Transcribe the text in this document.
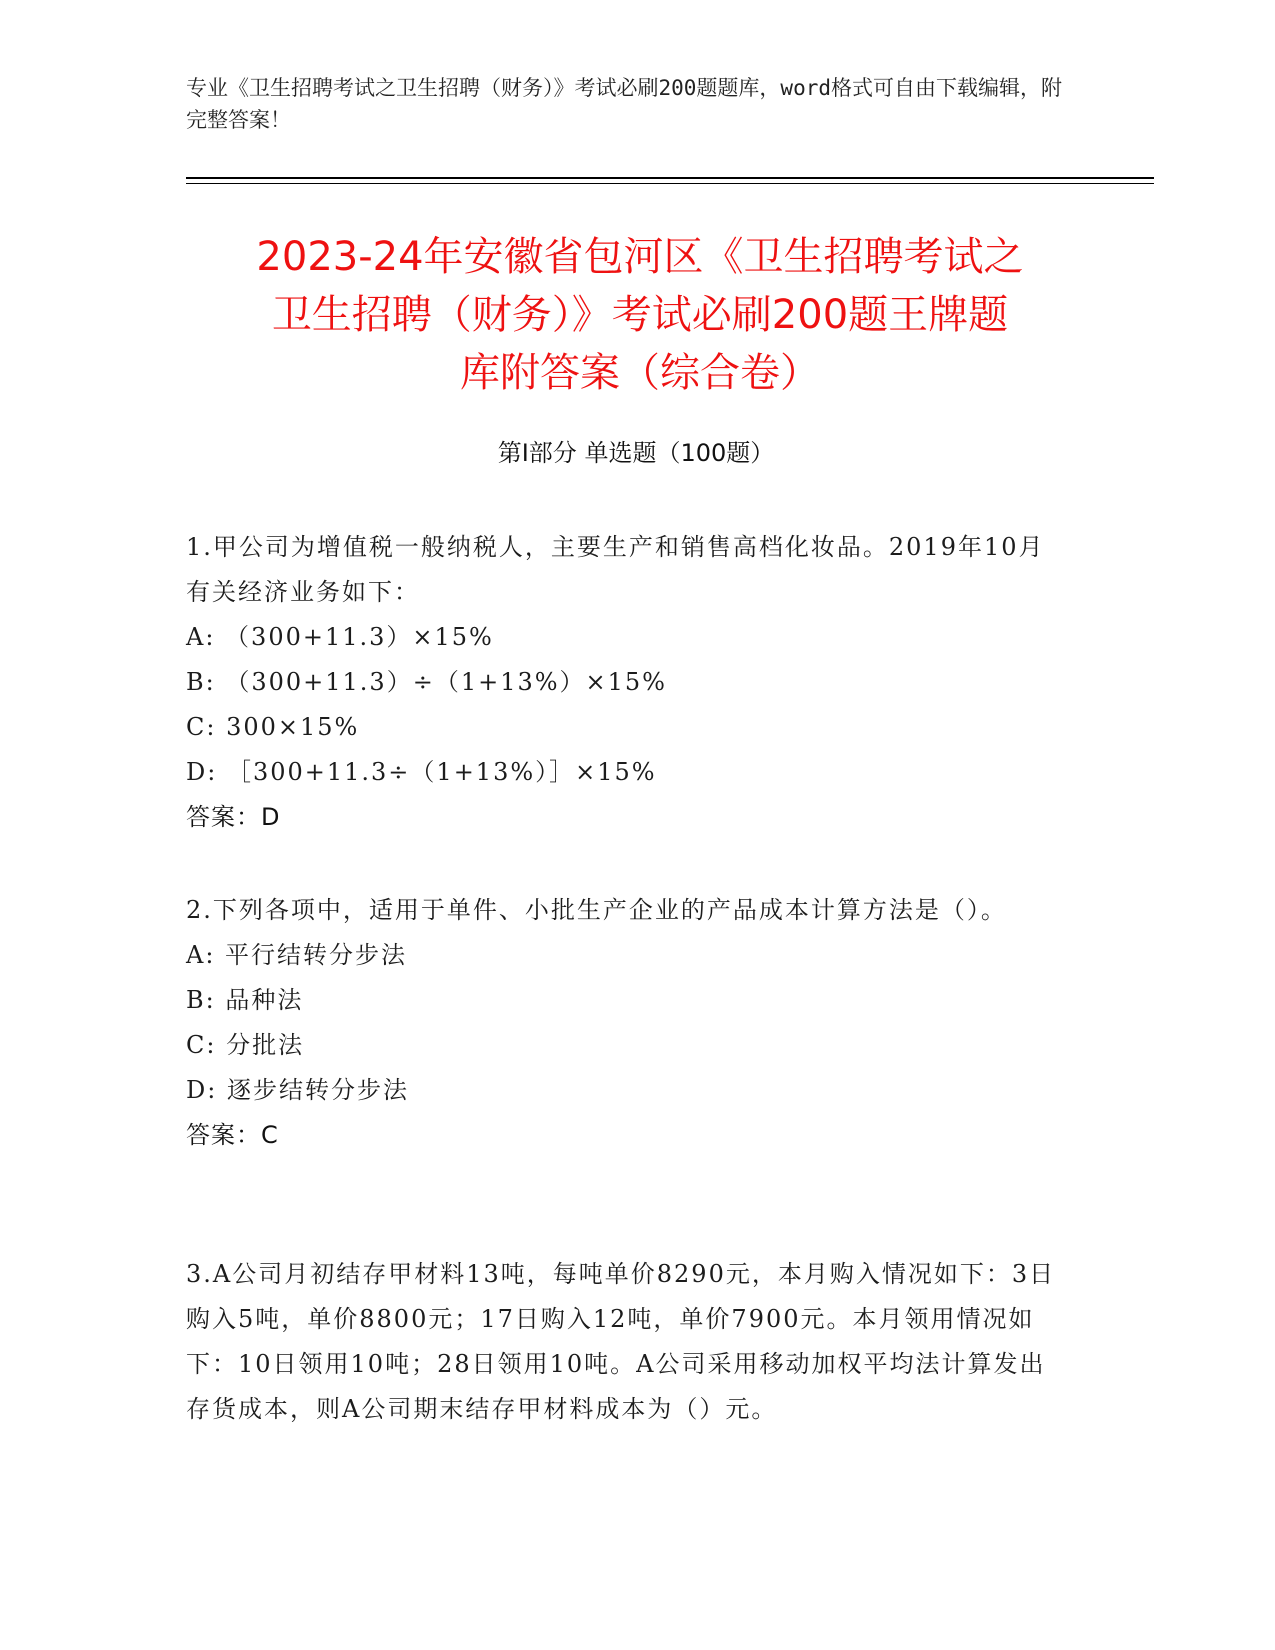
专业《卫生招聘考试之卫生招聘（财务）》考试必刷200题题库，word格式可自由下载编辑，附完整答案！
2023-24年安徽省包河区《卫生招聘考试之
卫生招聘（财务）》考试必刷200题王牌题
库附答案（综合卷）
第I部分 单选题（100题）

1.甲公司为增值税一般纳税人，主要生产和销售高档化妆品。2019年10月有关经济业务如下：

A: （300+11.3）×15%

B: （300+11.3）÷（1+13%）×15%

C: 300×15%

D: ［300+11.3÷（1+13%）］×15%

答案：D

2.下列各项中，适用于单件、小批生产企业的产品成本计算方法是（）。

A: 平行结转分步法

B: 品种法

C: 分批法

D: 逐步结转分步法

答案：C

3.A公司月初结存甲材料13吨，每吨单价8290元，本月购入情况如下：3日购入5吨，单价8800元；17日购入12吨，单价7900元。本月领用情况如下：10日领用10吨；28日领用10吨。A公司采用移动加权平均法计算发出存货成本，则A公司期末结存甲材料成本为（）元。
